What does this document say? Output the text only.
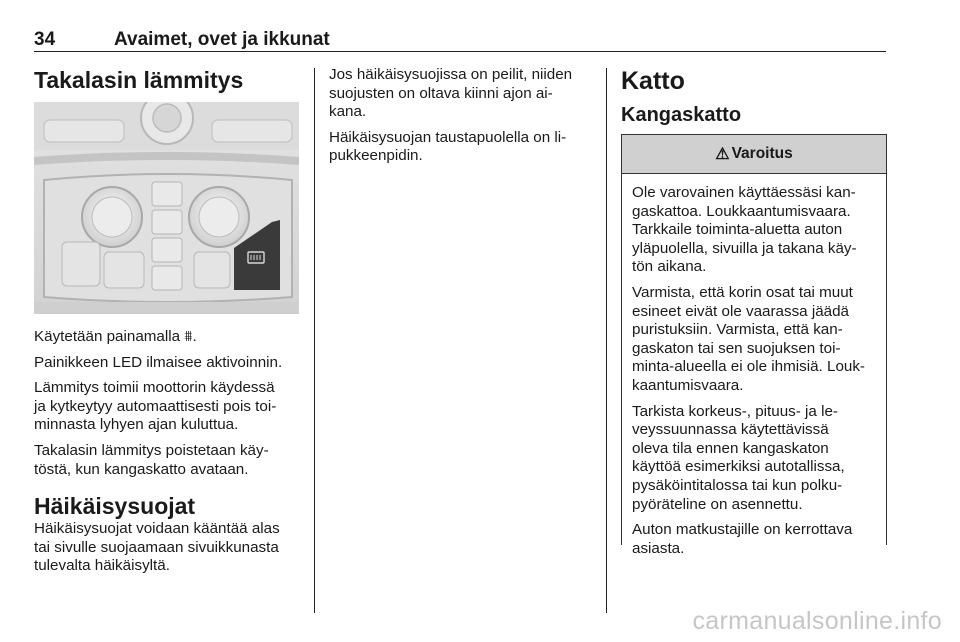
34	Avaimet, ovet ja ikkunat
Takalasin lämmitys

Käytetään painamalla ⩩.

Painikkeen LED ilmaisee aktivoinnin.

Lämmitys toimii moottorin käydessä
ja kytkeytyy automaattisesti pois toi-
minnasta lyhyen ajan kuluttua.

Takalasin lämmitys poistetaan käy-
töstä, kun kangaskatto avataan.

Häikäisysuojat

Häikäisysuojat voidaan kääntää alas
tai sivulle suojaamaan sivuikkunasta
tulevalta häikäisyltä.

Jos häikäisysuojissa on peilit, niiden
suojusten on oltava kiinni ajon ai-
kana.

Häikäisysuojan taustapuolella on li-
pukkeenpidin.

Katto
Kangaskatto
⚠ Varoitus

Ole varovainen käyttäessäsi kan-
gaskattoa. Loukkaantumisvaara.
Tarkkaile toiminta-aluetta auton
yläpuolella, sivuilla ja takana käy-
tön aikana.

Varmista, että korin osat tai muut
esineet eivät ole vaarassa jäädä
puristuksiin. Varmista, että kan-
gaskaton tai sen suojuksen toi-
minta-alueella ei ole ihmisiä. Louk-
kaantumisvaara.

Tarkista korkeus-, pituus- ja le-
veyssuunnassa käytettävissä
oleva tila ennen kangaskaton
käyttöä esimerkiksi autotallissa,
pysäköintitalossa tai kun polku-
pyöräteline on asennettu.

Auton matkustajille on kerrottava
asiasta.

carmanualsonline.info
